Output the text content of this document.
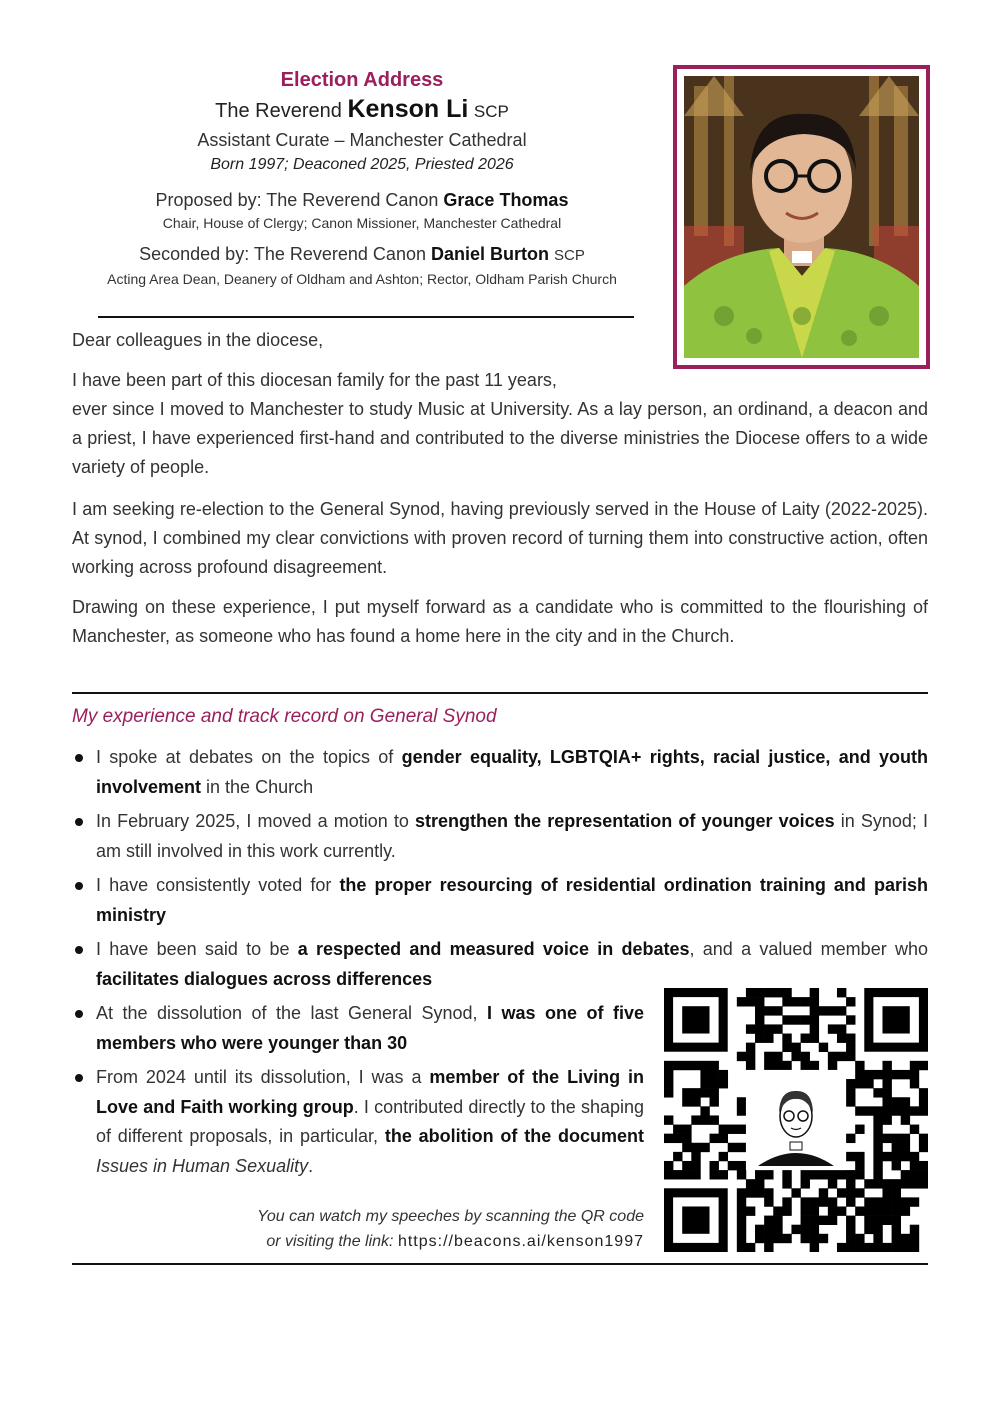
Election Address
The Reverend Kenson Li SCP
Assistant Curate – Manchester Cathedral
Born 1997; Deaconed 2025, Priested 2026
Proposed by: The Reverend Canon Grace Thomas
Chair, House of Clergy; Canon Missioner, Manchester Cathedral
Seconded by: The Reverend Canon Daniel Burton SCP
Acting Area Dean, Deanery of Oldham and Ashton; Rector, Oldham Parish Church
Dear colleagues in the diocese,
I have been part of this diocesan family for the past 11 years,
ever since I moved to Manchester to study Music at University. As a lay person, an ordinand, a deacon and a priest, I have experienced first-hand and contributed to the diverse ministries the Diocese offers to a wide variety of people.
I am seeking re-election to the General Synod, having previously served in the House of Laity (2022-2025). At synod, I combined my clear convictions with proven record of turning them into constructive action, often working across profound disagreement.
Drawing on these experience, I put myself forward as a candidate who is committed to the flourishing of Manchester, as someone who has found a home here in the city and in the Church.
My experience and track record on General Synod
I spoke at debates on the topics of gender equality, LGBTQIA+ rights, racial justice, and youth involvement in the Church
In February 2025, I moved a motion to strengthen the representation of younger voices in Synod; I am still involved in this work currently.
I have consistently voted for the proper resourcing of residential ordination training and parish ministry
I have been said to be a respected and measured voice in debates, and a valued member who facilitates dialogues across differences
At the dissolution of the last General Synod, I was one of five members who were younger than 30
From 2024 until its dissolution, I was a member of the Living in Love and Faith working group. I contributed directly to the shaping of different proposals, in particular, the abolition of the document Issues in Human Sexuality.
You can watch my speeches by scanning the QR code
or visiting the link: https://beacons.ai/kenson1997
